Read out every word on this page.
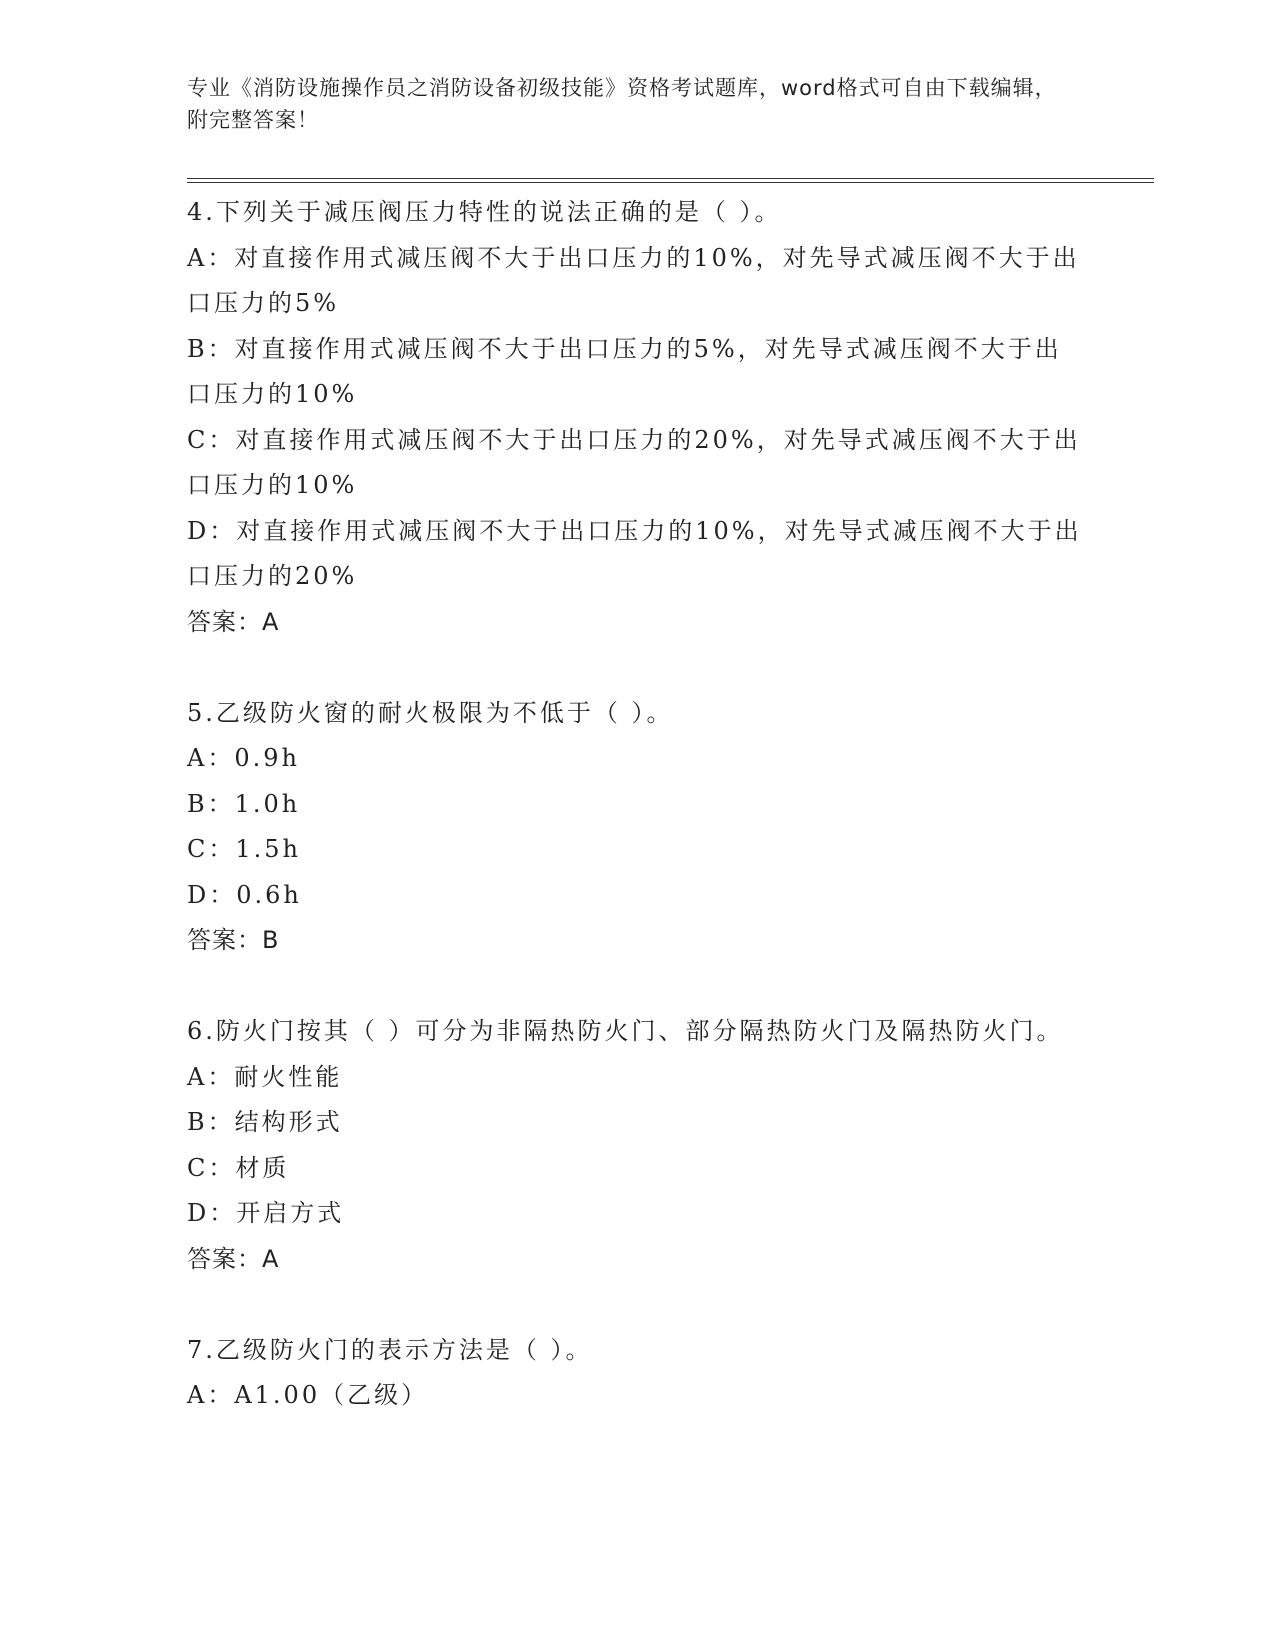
专业《消防设施操作员之消防设备初级技能》资格考试题库，word格式可自由下载编辑，附完整答案！

4.下列关于减压阀压力特性的说法正确的是（ ）。

A：对直接作用式减压阀不大于出口压力的10%，对先导式减压阀不大于出口压力的5%

B：对直接作用式减压阀不大于出口压力的5%，对先导式减压阀不大于出口压力的10%

C：对直接作用式减压阀不大于出口压力的20%，对先导式减压阀不大于出口压力的10%

D：对直接作用式减压阀不大于出口压力的10%，对先导式减压阀不大于出口压力的20%

答案：A

5.乙级防火窗的耐火极限为不低于（ ）。

A：0.9h

B：1.0h

C：1.5h

D：0.6h

答案：B

6.防火门按其（ ）可分为非隔热防火门、部分隔热防火门及隔热防火门。

A：耐火性能

B：结构形式

C：材质

D：开启方式

答案：A

7.乙级防火门的表示方法是（ ）。

A：A1.00（乙级）
